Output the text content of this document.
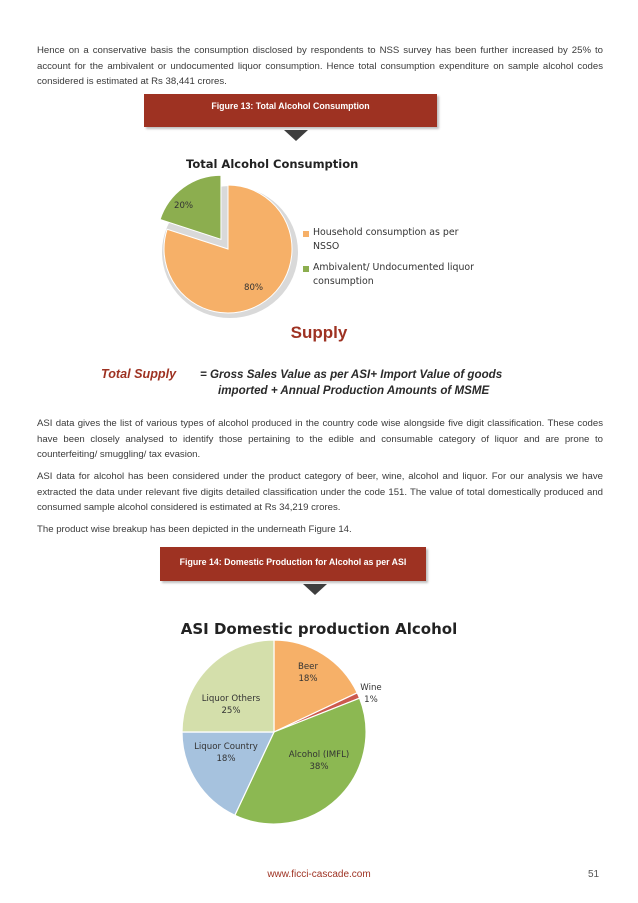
Hence on a conservative basis the consumption disclosed by respondents to NSS survey has been further increased by 25% to account for the ambivalent or undocumented liquor consumption. Hence total consumption expenditure on sample alcohol codes considered is estimated at Rs 38,441 crores.

Figure 13: Total Alcohol Consumption
Total Alcohol Consumption
20%
80%
Household consumption as per NSSO
Ambivalent/ Undocumented liquor consumption
Supply
Total Supply = Gross Sales Value as per ASI+ Import Value of goods
imported + Annual Production Amounts of MSME

ASI data gives the list of various types of alcohol produced in the country code wise alongside five digit classification. These codes have been closely analysed to identify those pertaining to the edible and consumable category of liquor and are prone to counterfeiting/ smuggling/ tax evasion.

ASI data for alcohol has been considered under the product category of beer, wine, alcohol and liquor. For our analysis we have extracted the data under relevant five digits detailed classification under the code 151. The value of total domestically produced and consumed sample alcohol considered is estimated at Rs 34,219 crores.

The product wise breakup has been depicted in the underneath Figure 14.

Figure 14: Domestic Production for Alcohol as per ASI
ASI Domestic production Alcohol
Beer
18%
Wine
1%
Alcohol (IMFL)
38%
Liquor Country
18%
Liquor Others
25%
www.ficci-cascade.com	51
